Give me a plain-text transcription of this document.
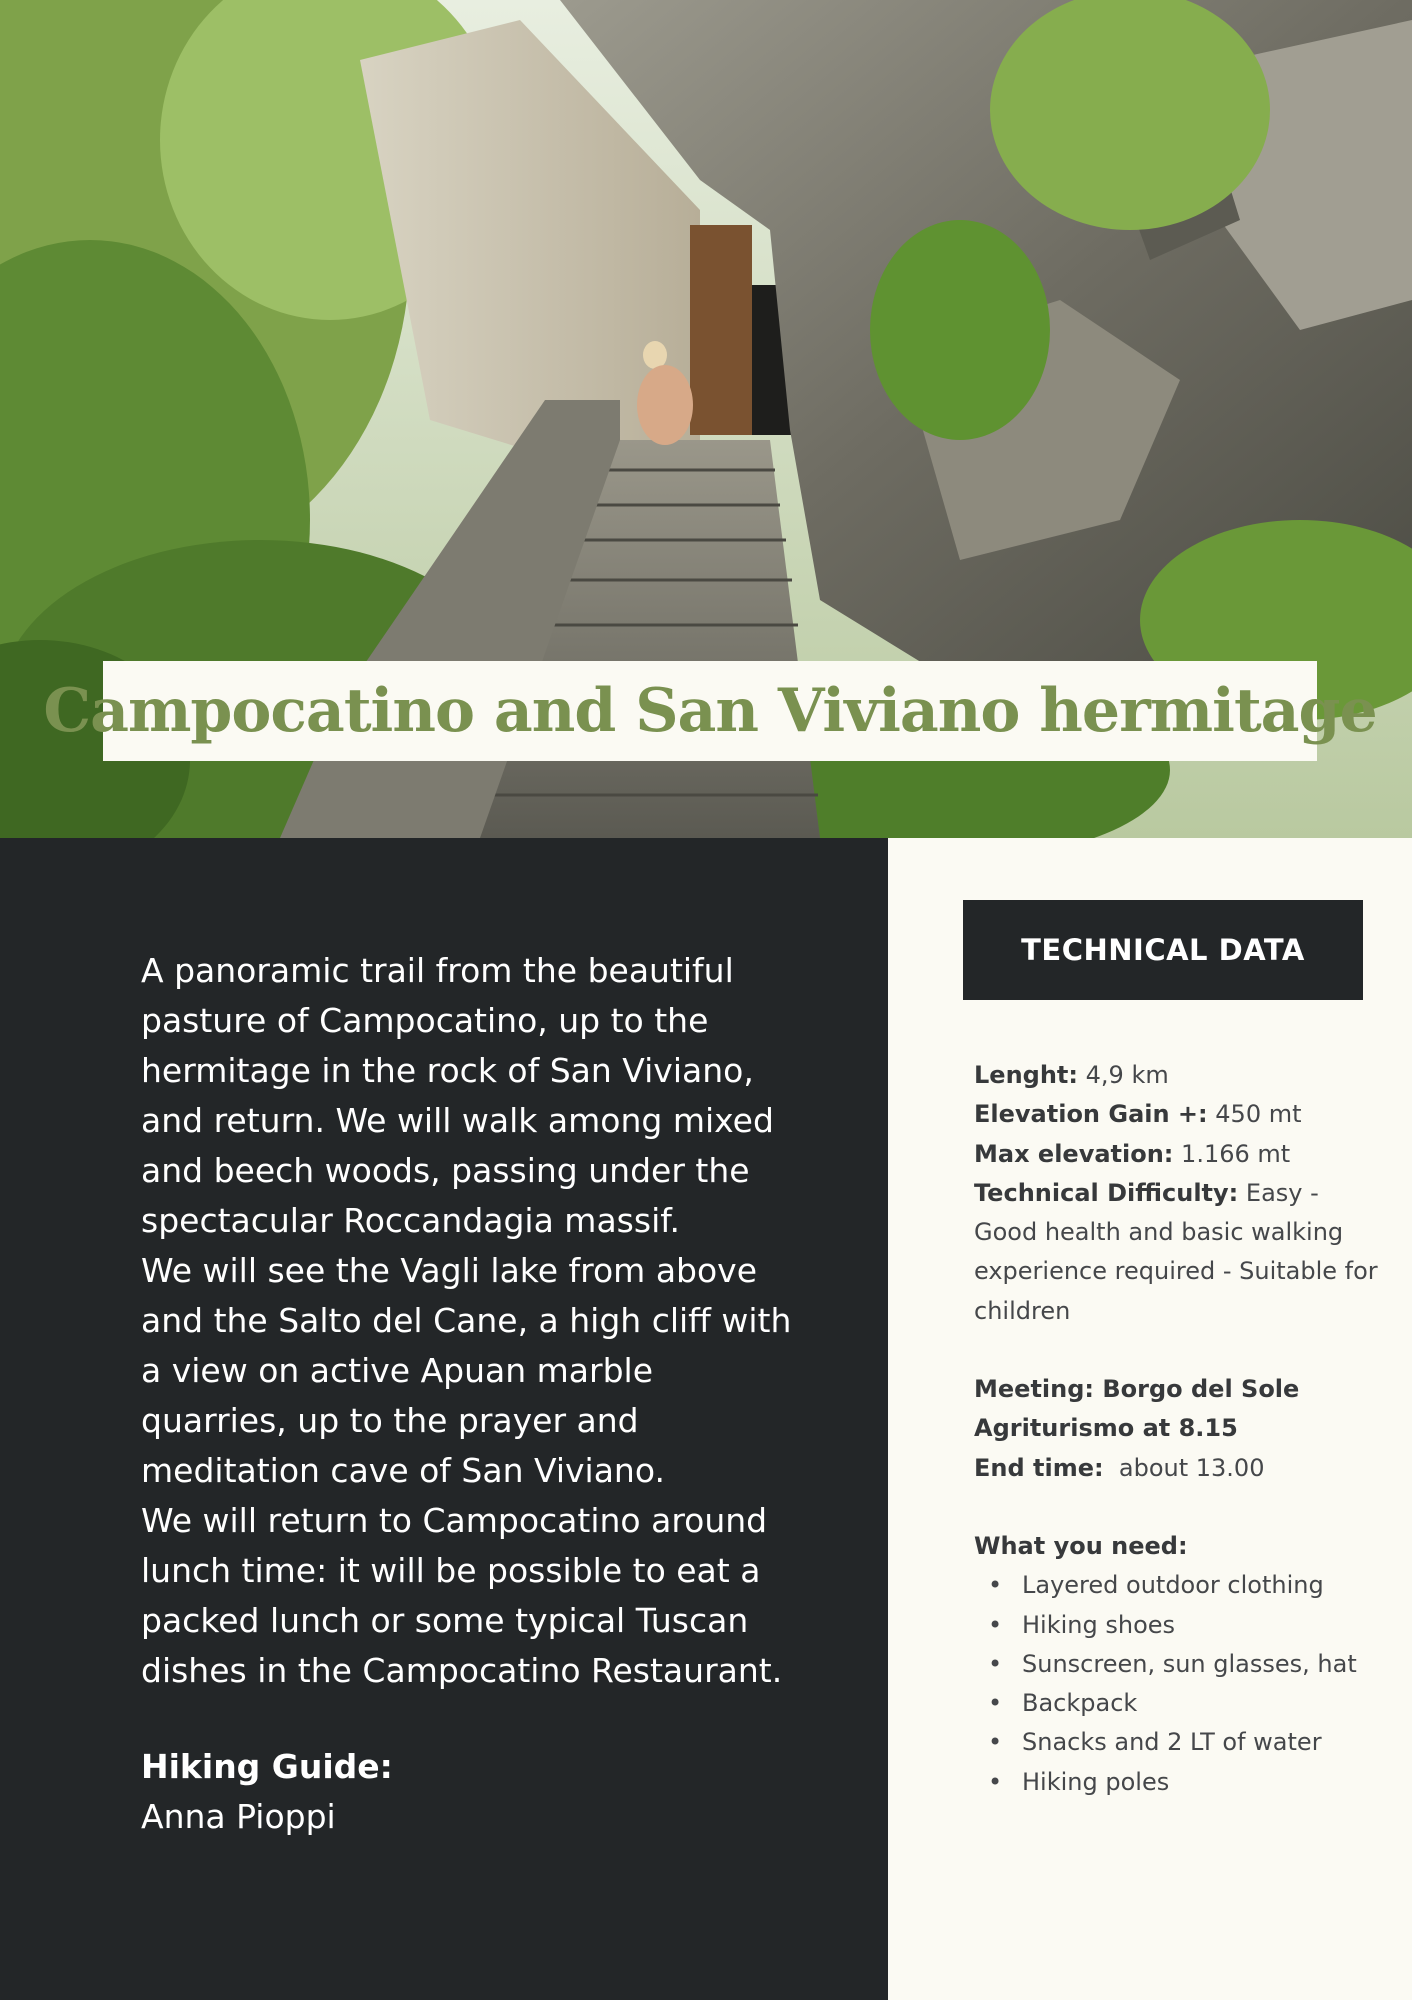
Campocatino and San Viviano hermitage

A panoramic trail from the beautiful pasture of Campocatino, up to the hermitage in the rock of San Viviano, and return. We will walk among mixed and beech woods, passing under the spectacular Roccandagia massif.

We will see the Vagli lake from above and the Salto del Cane, a high cliff with a view on active Apuan marble quarries, up to the prayer and meditation cave of San Viviano.

We will return to Campocatino around lunch time: it will be possible to eat a packed lunch or some typical Tuscan dishes in the Campocatino Restaurant.

Hiking Guide:
Anna Pioppi
TECHNICAL DATA

Lenght: 4,9 km

Elevation Gain +: 450 mt

Max elevation: 1.166 mt

Technical Difficulty: Easy - Good health and basic walking experience required - Suitable for children

Meeting: Borgo del Sole Agriturismo at 8.15

End time: about 13.00

What you need:

• Layered outdoor clothing
• Hiking shoes
• Sunscreen, sun glasses, hat
• Backpack
• Snacks and 2 LT of water
• Hiking poles
